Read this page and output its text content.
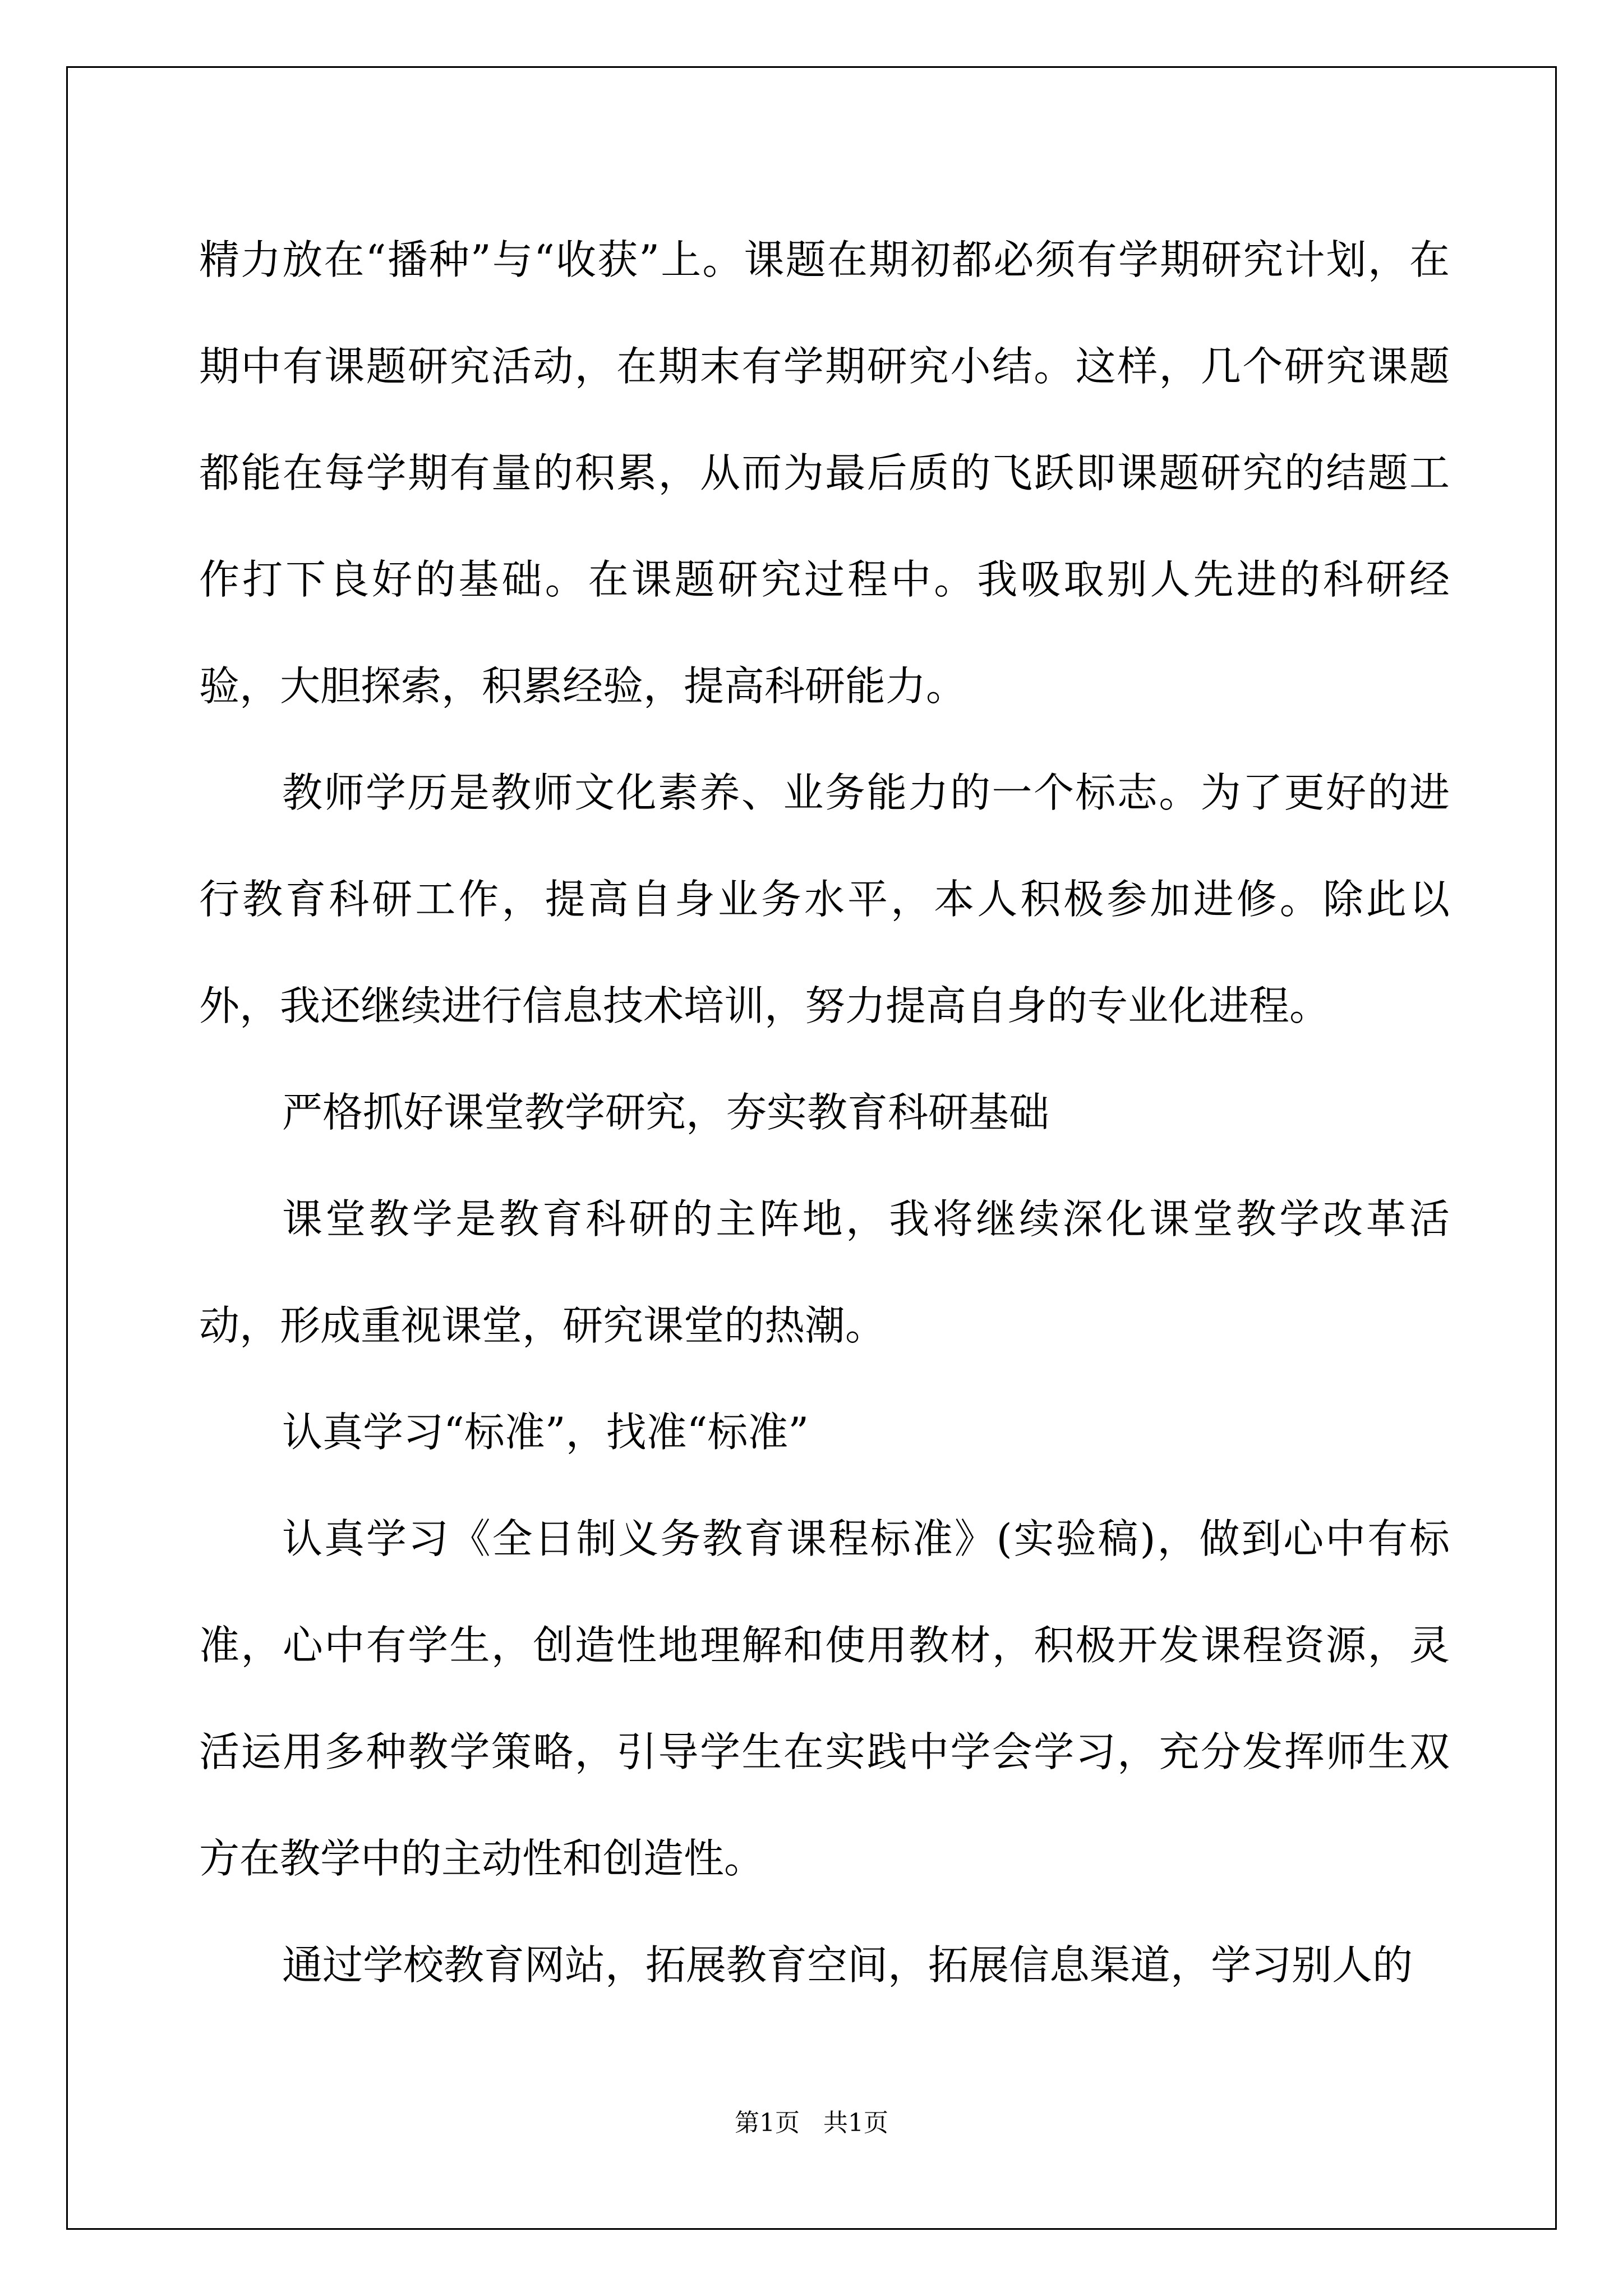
精力放在“播种”与“收获”上。课题在期初都必须有学期研究计划，在期中有课题研究活动，在期末有学期研究小结。这样，几个研究课题都能在每学期有量的积累，从而为最后质的飞跃即课题研究的结题工作打下良好的基础。在课题研究过程中。我吸取别人先进的科研经验，大胆探索，积累经验，提高科研能力。

教师学历是教师文化素养、业务能力的一个标志。为了更好的进行教育科研工作，提高自身业务水平，本人积极参加进修。除此以外，我还继续进行信息技术培训，努力提高自身的专业化进程。

严格抓好课堂教学研究，夯实教育科研基础

课堂教学是教育科研的主阵地，我将继续深化课堂教学改革活动，形成重视课堂，研究课堂的热潮。

认真学习“标准”，找准“标准”

认真学习《全日制义务教育课程标准》(实验稿)，做到心中有标准，心中有学生，创造性地理解和使用教材，积极开发课程资源，灵活运用多种教学策略，引导学生在实践中学会学习，充分发挥师生双方在教学中的主动性和创造性。

通过学校教育网站，拓展教育空间，拓展信息渠道，学习别人的

第1页   共1页
